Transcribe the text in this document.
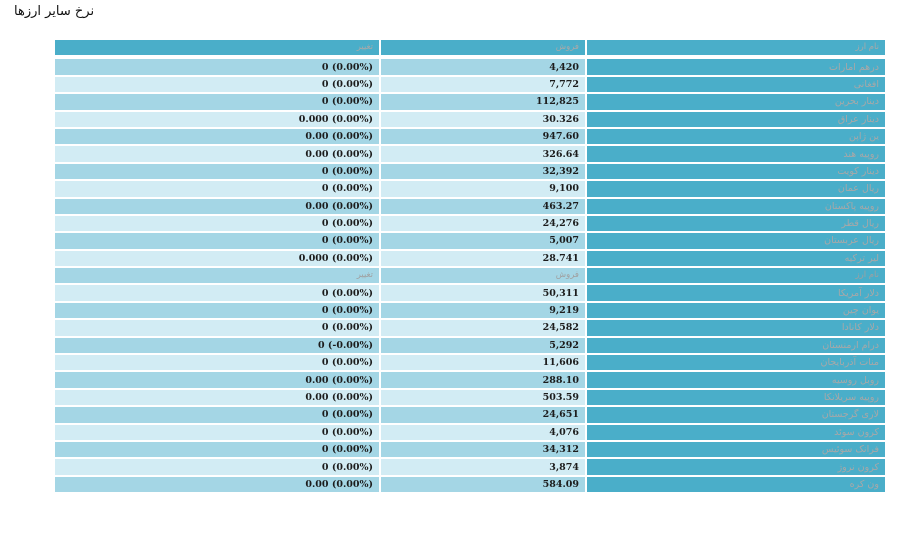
نرخ سایر ارزها
تغییر	فروش	نام ارز
0 (0.00%)	4,420	درهم امارات
0 (0.00%)	7,772	افغانی
0 (0.00%)	112,825	دینار بحرین
0.000 (0.00%)	30.326	دینار عراق
0.00 (0.00%)	947.60	ین ژاپن
0.00 (0.00%)	326.64	روپیه هند
0 (0.00%)	32,392	دینار کویت
0 (0.00%)	9,100	ریال عمان
0.00 (0.00%)	463.27	روپیه پاکستان
0 (0.00%)	24,276	ریال قطر
0 (0.00%)	5,007	ریال عربستان
0.000 (0.00%)	28.741	لیر ترکیه
تغییر	فروش	نام ارز
0 (0.00%)	50,311	دلار آمریکا
0 (0.00%)	9,219	یوان چین
0 (0.00%)	24,582	دلار کانادا
0 (-0.00%)	5,292	درام ارمنستان
0 (0.00%)	11,606	منات آذربایجان
0.00 (0.00%)	288.10	روبل روسیه
0.00 (0.00%)	503.59	روپیه سریلانکا
0 (0.00%)	24,651	لاری گرجستان
0 (0.00%)	4,076	کرون سوئد
0 (0.00%)	34,312	فرانک سوئیس
0 (0.00%)	3,874	کرون نروژ
0.00 (0.00%)	584.09	ون کره
